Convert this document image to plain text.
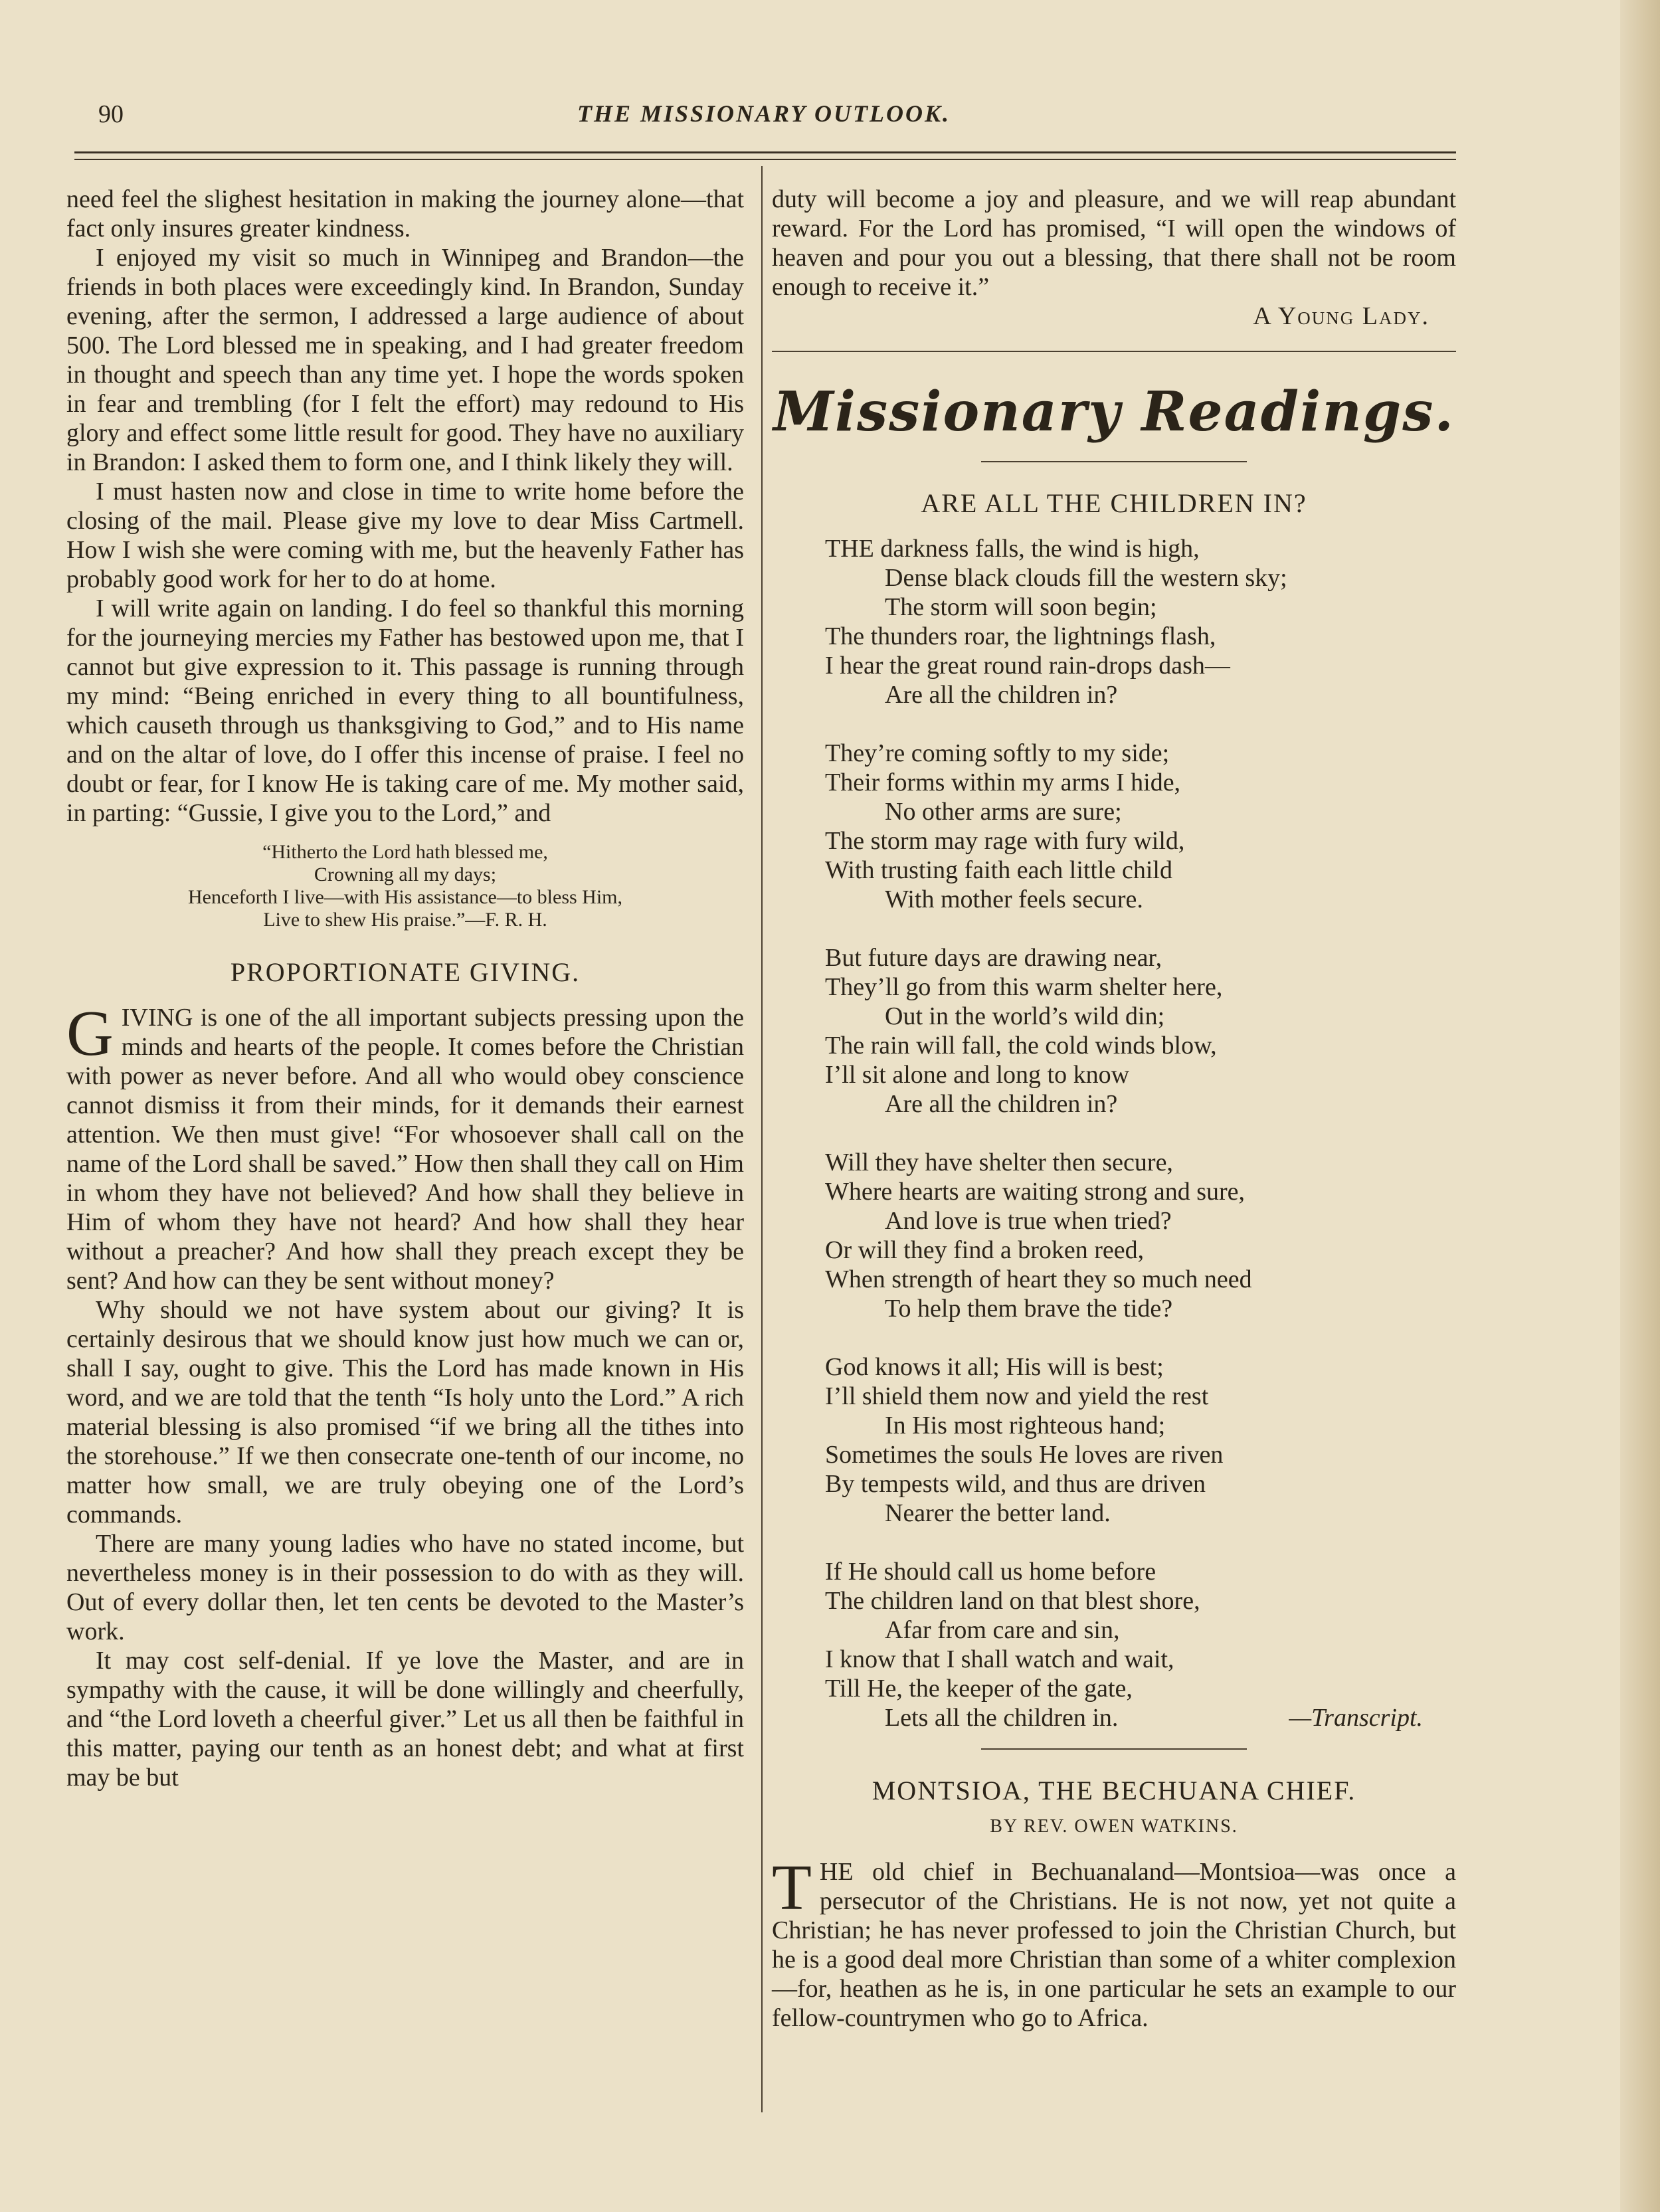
90	THE MISSIONARY OUTLOOK.

need feel the slighest hesitation in making the journey alone—that fact only insures greater kindness.

I enjoyed my visit so much in Winnipeg and Brandon—the friends in both places were exceedingly kind. In Brandon, Sunday evening, after the sermon, I addressed a large audience of about 500. The Lord blessed me in speaking, and I had greater freedom in thought and speech than any time yet. I hope the words spoken in fear and trembling (for I felt the effort) may redound to His glory and effect some little result for good. They have no auxiliary in Brandon: I asked them to form one, and I think likely they will.

I must hasten now and close in time to write home before the closing of the mail. Please give my love to dear Miss Cartmell. How I wish she were coming with me, but the heavenly Father has probably good work for her to do at home.

I will write again on landing. I do feel so thankful this morning for the journeying mercies my Father has bestowed upon me, that I cannot but give expression to it. This passage is running through my mind: “Being enriched in every thing to all bountifulness, which causeth through us thanksgiving to God,” and to His name and on the altar of love, do I offer this incense of praise. I feel no doubt or fear, for I know He is taking care of me. My mother said, in parting: “Gussie, I give you to the Lord,” and

“Hitherto the Lord hath blessed me,
Crowning all my days;
Henceforth I live—with His assistance—to bless Him,
Live to shew His praise.”—F. R. H.
PROPORTIONATE GIVING.

G IVING is one of the all important subjects pressing upon the minds and hearts of the people. It comes before the Christian with power as never before. And all who would obey conscience cannot dismiss it from their minds, for it demands their earnest attention. We then must give! “For whosoever shall call on the name of the Lord shall be saved.” How then shall they call on Him in whom they have not believed? And how shall they believe in Him of whom they have not heard? And how shall they hear without a preacher? And how shall they preach except they be sent? And how can they be sent without money?

Why should we not have system about our giving? It is certainly desirous that we should know just how much we can or, shall I say, ought to give. This the Lord has made known in His word, and we are told that the tenth “Is holy unto the Lord.” A rich material blessing is also promised “if we bring all the tithes into the storehouse.” If we then consecrate one-tenth of our income, no matter how small, we are truly obeying one of the Lord’s commands.

There are many young ladies who have no stated income, but nevertheless money is in their possession to do with as they will. Out of every dollar then, let ten cents be devoted to the Master’s work.

It may cost self-denial. If ye love the Master, and are in sympathy with the cause, it will be done willingly and cheerfully, and “the Lord loveth a cheerful giver.” Let us all then be faithful in this matter, paying our tenth as an honest debt; and what at first may be but

duty will become a joy and pleasure, and we will reap abundant reward. For the Lord has promised, “I will open the windows of heaven and pour you out a blessing, that there shall not be room enough to receive it.”

A Young Lady.
Missionary Readings.
ARE ALL THE CHILDREN IN?
THE darkness falls, the wind is high,
Dense black clouds fill the western sky;
The storm will soon begin;
The thunders roar, the lightnings flash,
I hear the great round rain-drops dash—
Are all the children in?
They’re coming softly to my side;
Their forms within my arms I hide,
No other arms are sure;
The storm may rage with fury wild,
With trusting faith each little child
With mother feels secure.
But future days are drawing near,
They’ll go from this warm shelter here,
Out in the world’s wild din;
The rain will fall, the cold winds blow,
I’ll sit alone and long to know
Are all the children in?
Will they have shelter then secure,
Where hearts are waiting strong and sure,
And love is true when tried?
Or will they find a broken reed,
When strength of heart they so much need
To help them brave the tide?
God knows it all; His will is best;
I’ll shield them now and yield the rest
In His most righteous hand;
Sometimes the souls He loves are riven
By tempests wild, and thus are driven
Nearer the better land.
If He should call us home before
The children land on that blest shore,
Afar from care and sin,
I know that I shall watch and wait,
Till He, the keeper of the gate,
Lets all the children in.	—Transcript.
MONTSIOA, THE BECHUANA CHIEF.
BY REV. OWEN WATKINS.

T HE old chief in Bechuanaland—Montsioa—was once a persecutor of the Christians. He is not now, yet not quite a Christian; he has never professed to join the Christian Church, but he is a good deal more Christian than some of a whiter complexion—for, heathen as he is, in one particular he sets an example to our fellow-countrymen who go to Africa.
